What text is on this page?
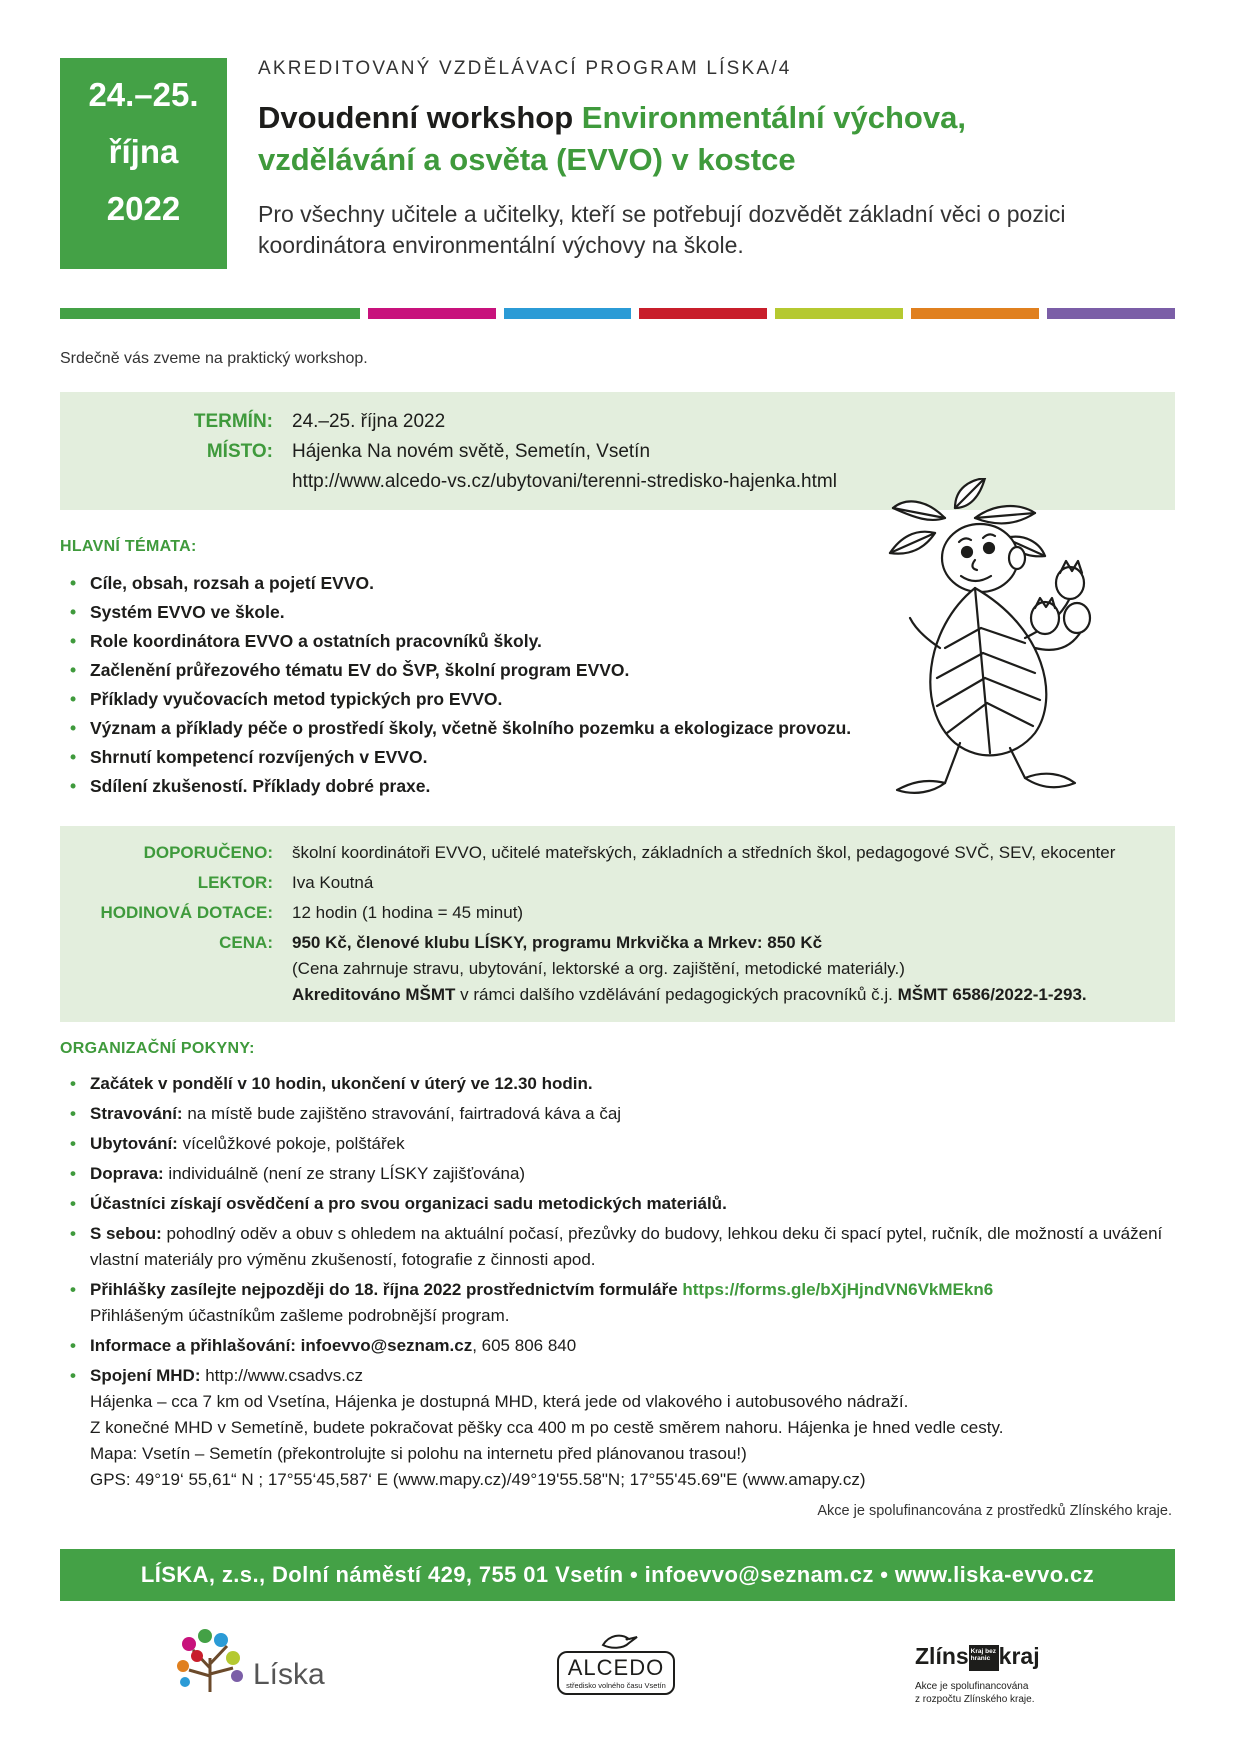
24.–25.
října
2022
AKREDITOVANÝ VZDĚLÁVACÍ PROGRAM LÍSKA/4
Dvoudenní workshop Environmentální výchova,
vzdělávání a osvěta (EVVO) v kostce
Pro všechny učitele a učitelky, kteří se potřebují dozvědět základní věci o pozici koordinátora environmentální výchovy na škole.
Srdečně vás zveme na praktický workshop.
TERMÍN: 24.–25. října 2022
MÍSTO: Hájenka Na novém světě, Semetín, Vsetín
http://www.alcedo-vs.cz/ubytovani/terenni-stredisko-hajenka.html
HLAVNÍ TÉMATA:
• Cíle, obsah, rozsah a pojetí EVVO.
• Systém EVVO ve škole.
• Role koordinátora EVVO a ostatních pracovníků školy.
• Začlenění průřezového tématu EV do ŠVP, školní program EVVO.
• Příklady vyučovacích metod typických pro EVVO.
• Význam a příklady péče o prostředí školy, včetně školního pozemku a ekologizace provozu.
• Shrnutí kompetencí rozvíjených v EVVO.
• Sdílení zkušeností. Příklady dobré praxe.
DOPORUČENO: školní koordinátoři EVVO, učitelé mateřských, základních a středních škol, pedagogové SVČ, SEV, ekocenter
LEKTOR: Iva Koutná
HODINOVÁ DOTACE: 12 hodin (1 hodina = 45 minut)
CENA: 950 Kč, členové klubu LÍSKY, programu Mrkvička a Mrkev: 850 Kč
(Cena zahrnuje stravu, ubytování, lektorské a org. zajištění, metodické materiály.)
Akreditováno MŠMT v rámci dalšího vzdělávání pedagogických pracovníků č.j. MŠMT 6586/2022-1-293.
ORGANIZAČNÍ POKYNY:
• Začátek v pondělí v 10 hodin, ukončení v úterý ve 12.30 hodin.
• Stravování: na místě bude zajištěno stravování, fairtradová káva a čaj
• Ubytování: vícelůžkové pokoje, polštářek
• Doprava: individuálně (není ze strany LÍSKY zajišťována)
• Účastníci získají osvědčení a pro svou organizaci sadu metodických materiálů.
• S sebou: pohodlný oděv a obuv s ohledem na aktuální počasí, přezůvky do budovy, lehkou deku či spací pytel, ručník, dle možností a uvážení vlastní materiály pro výměnu zkušeností, fotografie z činnosti apod.
• Přihlášky zasílejte nejpozději do 18. října 2022 prostřednictvím formuláře https://forms.gle/bXjHjndVN6VkMEkn6
Přihlášeným účastníkům zašleme podrobnější program.
• Informace a přihlašování: infoevvo@seznam.cz, 605 806 840
• Spojení MHD: http://www.csadvs.cz
Hájenka – cca 7 km od Vsetína, Hájenka je dostupná MHD, která jede od vlakového i autobusového nádraží.
Z konečné MHD v Semetíně, budete pokračovat pěšky cca 400 m po cestě směrem nahoru. Hájenka je hned vedle cesty.
Mapa: Vsetín – Semetín (překontrolujte si polohu na internetu před plánovanou trasou!)
GPS: 49°19‘ 55,61“ N ; 17°55‘45,587‘ E (www.mapy.cz)/49°19'55.58"N; 17°55'45.69"E (www.amapy.cz)
Akce je spolufinancována z prostředků Zlínského kraje.
LÍSKA, z.s., Dolní náměstí 429, 755 01 Vsetín • infoevvo@seznam.cz • www.liska-evvo.cz
Líska	ALCEDO
středisko volného času Vsetín
Zlíns Kraj bez hranic kraj
Akce je spolufinancována
z rozpočtu Zlínského kraje.
